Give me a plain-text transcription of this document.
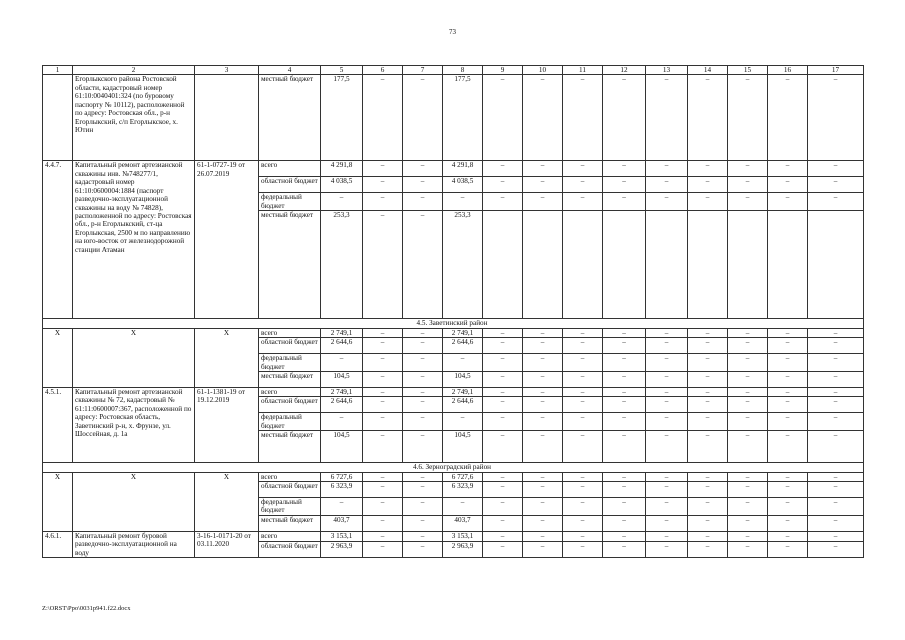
73
1	2	3	4	5	6	7	8	9	10	11	12	13	14	15	16	17
	Егорлыкского района Ростовской области, кадастровый номер 61:10:0040401:324 (по буровому паспорту № 10112), расположенной по адресу: Ростовская обл., р-н Егорлыкский, с/п Егорлыкское, х. Ютин		местный бюджет	177,5	–	–	177,5	–	–	–	–	–	–	–	–	–
4.4.7.	Капитальный ремонт артезианской скважины инв. №748277/1, кадастровый номер 61:10:0600004:1884 (паспорт разведочно-эксплуатационной скважины на воду № 74828), расположенной по адресу: Ростовская обл., р-н Егорлыкский, ст-ца Егорлыкская, 2500 м по направлению на юго-восток от железнодорожной станции Атаман	61-1-0727-19 от 26.07.2019	всего	4 291,8	–	–	4 291,8	–	–	–	–	–	–	–	–	–
			областной бюджет	4 038,5	–	–	4 038,5	–	–	–	–	–	–	–	–	–
			федеральный бюджет	–	–	–	–	–	–	–	–	–	–	–	–	–
			местный бюджет	253,3	–	–	253,3									
4.5. Заветинский район																
X	X	X	всего	2 749,1	–	–	2 749,1	–	–	–	–	–	–	–	–	–
			областной бюджет	2 644,6	–	–	2 644,6	–	–	–	–	–	–	–	–	–
			федеральный бюджет	–	–	–	–	–	–	–	–	–	–	–	–	–
			местный бюджет	104,5	–	–	104,5	–	–	–	–	–	–	–	–	–
4.5.1.	Капитальный ремонт артезианской скважины № 72, кадастровый № 61:11:0600007:367, расположенной по адресу: Ростовская область, Заветинский р-н, х. Фрунзе, ул. Шоссейная, д. 1а	61-1-1381-19 от 19.12.2019	всего	2 749,1	–	–	2 749,1	–	–	–	–	–	–	–	–	–
			областной бюджет	2 644,6	–	–	2 644,6	–	–	–	–	–	–	–	–	–
			федеральный бюджет	–	–	–	–	–	–	–	–	–	–	–	–	–
			местный бюджет	104,5	–	–	104,5	–	–	–	–	–	–	–	–	–
4.6. Зерноградский район																
X	X	X	всего	6 727,6	–	–	6 727,6	–	–	–	–	–	–	–	–	–
			областной бюджет	6 323,9	–	–	6 323,9	–	–	–	–	–	–	–	–	–
			федеральный бюджет	–	–	–	–	–	–	–	–	–	–	–	–	–
			местный бюджет	403,7	–	–	403,7	–	–	–	–	–	–	–	–	–
4.6.1.	Капитальный ремонт буровой разведочно-эксплуатационной на воду	3-16-1-0171-20 от 03.11.2020	всего	3 153,1	–	–	3 153,1	–	–	–	–	–	–	–	–	–
			областной бюджет	2 963,9	–	–	2 963,9	–	–	–	–	–	–	–	–	–
Z:\ORST\Ppo\0031p941.f22.docx
